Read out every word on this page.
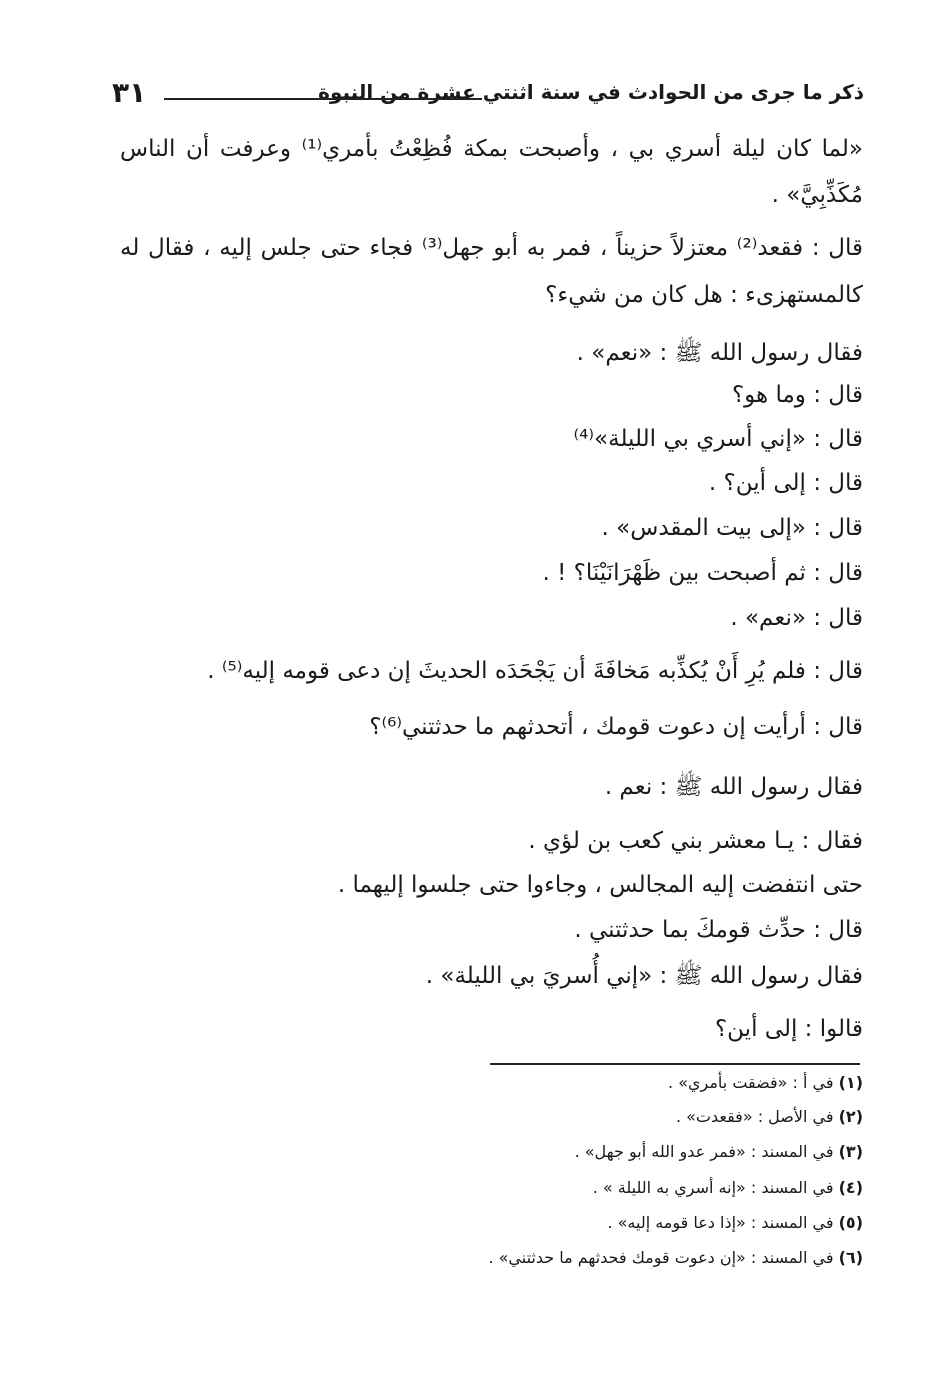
ذكر ما جرى من الحوادث في سنة اثنتي عشرة من النبوة
٣١
«لما كان ليلة أسري بي ، وأصبحت بمكة فُظِعْتُ بأمري⁽¹⁾ وعرفت أن الناس
مُكَذِّبِيَّ» .
قال : فقعد⁽²⁾ معتزلاً حزيناً ، فمر به أبو جهل⁽³⁾ فجاء حتى جلس إليه ، فقال له
كالمستهزىء : هل كان من شيء؟
فقال رسول الله ﷺ : «نعم» .
قال : وما هو؟
قال : «إني أسري بي الليلة»⁽⁴⁾
قال : إلى أين؟ .
قال : «إلى بيت المقدس» .
قال : ثم أصبحت بين ظَهْرَانَيْنَا؟ ! .
قال : «نعم» .
قال : فلم يُرِ أَنْ يُكذِّبه مَخافَةَ أن يَجْحَدَه الحديثَ إن دعى قومه إليه⁽⁵⁾ .
قال : أرأيت إن دعوت قومك ، أتحدثهم ما حدثتني⁽⁶⁾؟
فقال رسول الله ﷺ : نعم .
فقال : يـا معشر بني كعب بن لؤي .
حتى انتفضت إليه المجالس ، وجاءوا حتى جلسوا إليهما .
قال : حدِّث قومكَ بما حدثتني .
فقال رسول الله ﷺ : «إني أُسريَ بي الليلة» .
قالوا : إلى أين؟
(١) في أ : «فضقت بأمري» .
(٢) في الأصل : «فقعدت» .
(٣) في المسند : «فمر عدو الله أبو جهل» .
(٤) في المسند : «إنه أسري به الليلة » .
(٥) في المسند : «إذا دعا قومه إليه» .
(٦) في المسند : «إن دعوت قومك فحدثهم ما حدثتني» .
